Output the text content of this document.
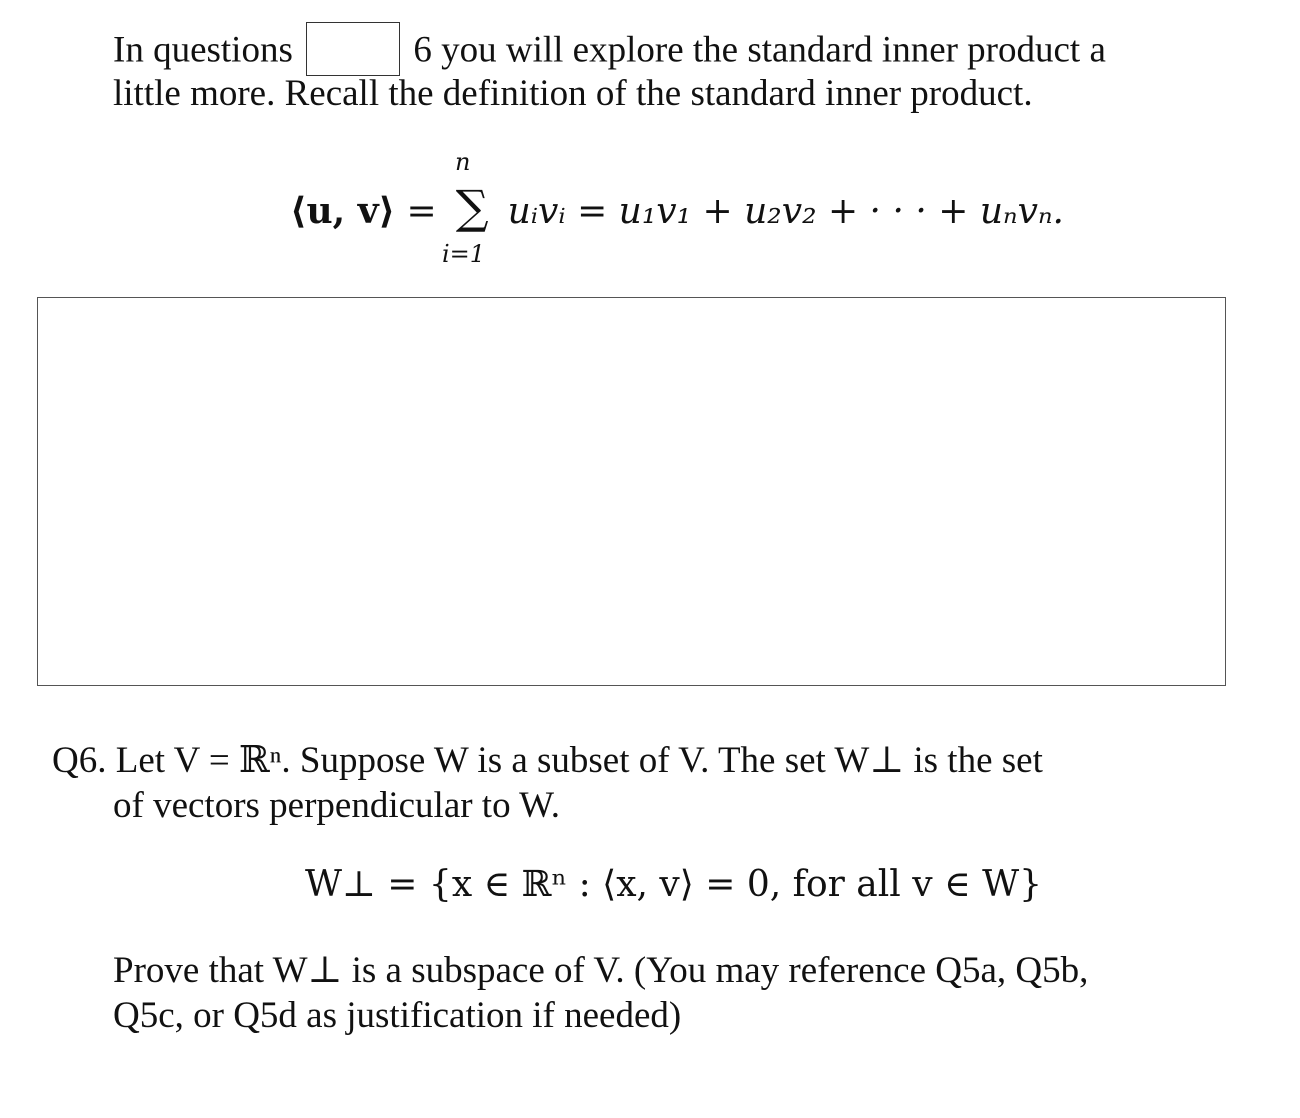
In questions	6 you will explore the standard inner product a
little more. Recall the definition of the standard inner product.
n
i=1
⟨u, v⟩ = ∑ uᵢvᵢ = u₁v₁ + u₂v₂ + · · · + uₙvₙ.
Q6. Let V = ℝⁿ. Suppose W is a subset of V. The set W⊥ is the set
of vectors perpendicular to W.
W⊥ = {x ∈ ℝⁿ : ⟨x, v⟩ = 0, for all v ∈ W}
Prove that W⊥ is a subspace of V. (You may reference Q5a, Q5b,
Q5c, or Q5d as justification if needed)
